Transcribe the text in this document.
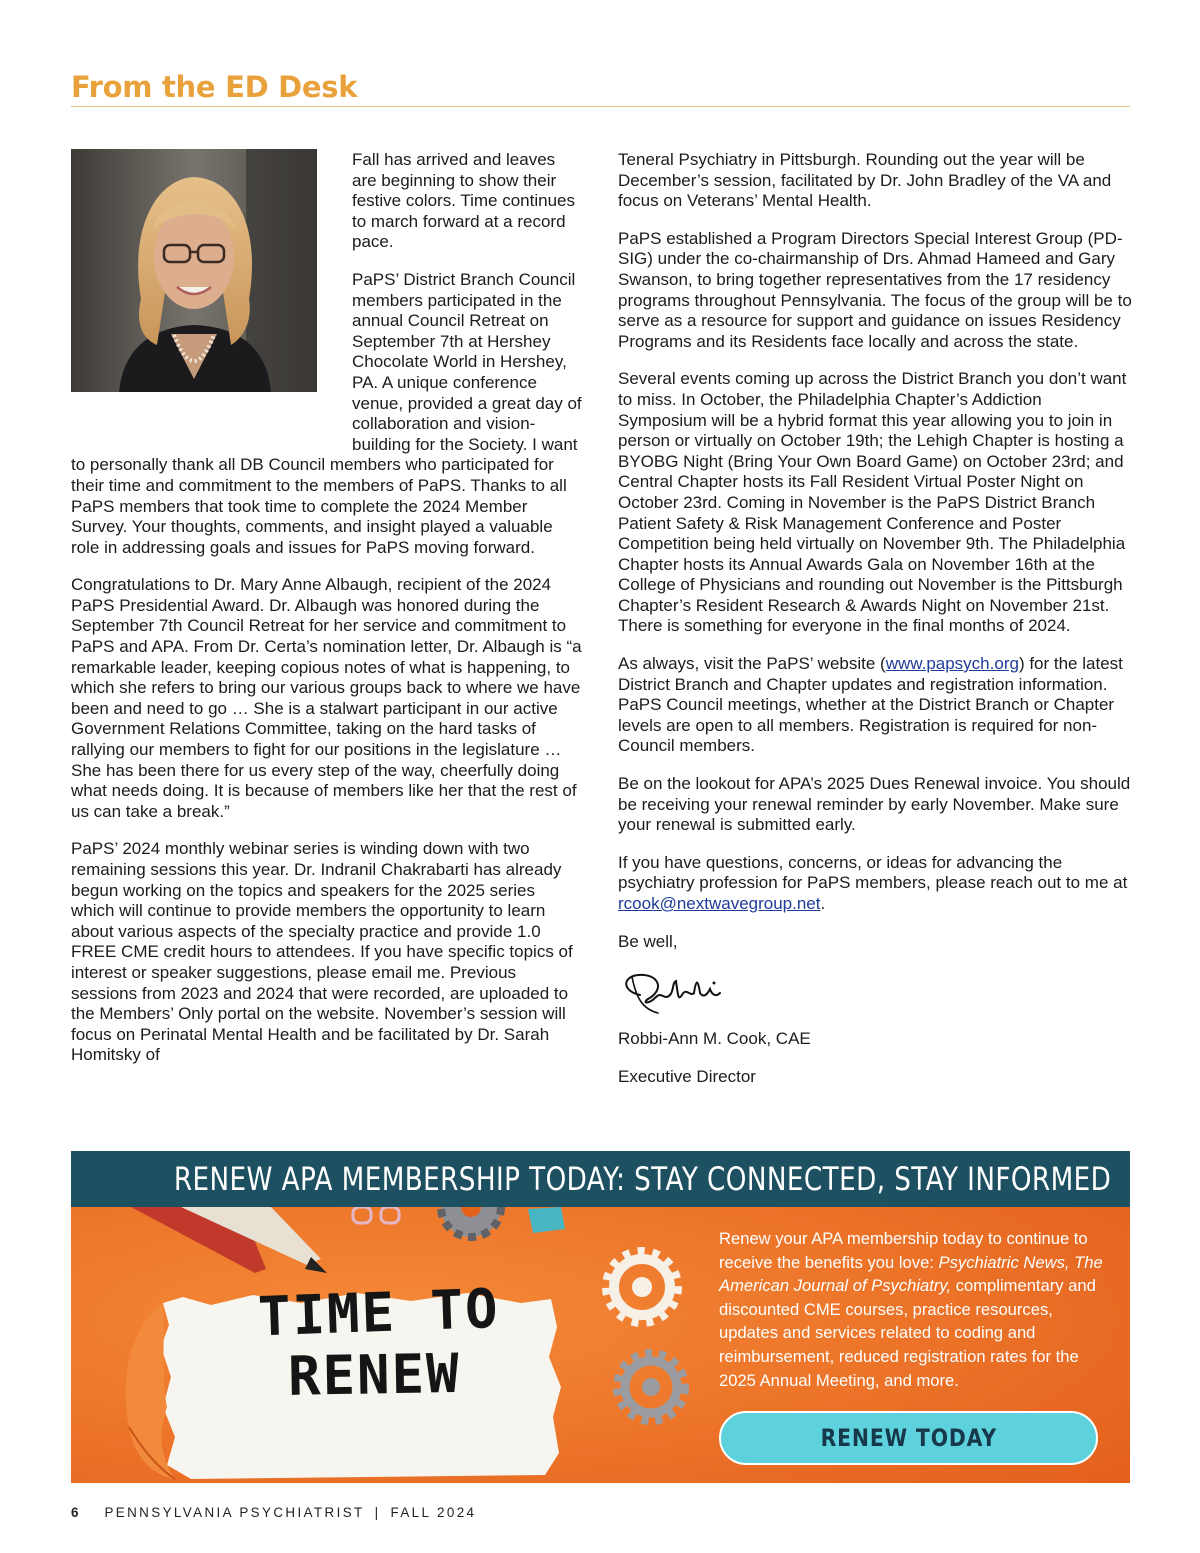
From the ED Desk

Fall has arrived and leaves are beginning to show their festive colors. Time continues to march forward at a record pace.

PaPS’ District Branch Council members participated in the annual Council Retreat on September 7th at Hershey Chocolate World in Hershey, PA. A unique conference venue, provided a great day of collaboration and vision-building for the Society. I want to personally thank all DB Council members who participated for their time and commitment to the members of PaPS. Thanks to all PaPS members that took time to complete the 2024 Member Survey. Your thoughts, comments, and insight played a valuable role in addressing goals and issues for PaPS moving forward.

Congratulations to Dr. Mary Anne Albaugh, recipient of the 2024 PaPS Presidential Award. Dr. Albaugh was honored during the September 7th Council Retreat for her service and commitment to PaPS and APA. From Dr. Certa’s nomination letter, Dr. Albaugh is “a remarkable leader, keeping copious notes of what is happening, to which she refers to bring our various groups back to where we have been and need to go … She is a stalwart participant in our active Government Relations Committee, taking on the hard tasks of rallying our members to fight for our positions in the legislature … She has been there for us every step of the way, cheerfully doing what needs doing. It is because of members like her that the rest of us can take a break.”

PaPS’ 2024 monthly webinar series is winding down with two remaining sessions this year. Dr. Indranil Chakrabarti has already begun working on the topics and speakers for the 2025 series which will continue to provide members the opportunity to learn about various aspects of the specialty practice and provide 1.0 FREE CME credit hours to attendees. If you have specific topics of interest or speaker suggestions, please email me. Previous sessions from 2023 and 2024 that were recorded, are uploaded to the Members’ Only portal on the website. November’s session will focus on Perinatal Mental Health and be facilitated by Dr. Sarah Homitsky of

Teneral Psychiatry in Pittsburgh. Rounding out the year will be December’s session, facilitated by Dr. John Bradley of the VA and focus on Veterans’ Mental Health.

PaPS established a Program Directors Special Interest Group (PD-SIG) under the co-chairmanship of Drs. Ahmad Hameed and Gary Swanson, to bring together representatives from the 17 residency programs throughout Pennsylvania. The focus of the group will be to serve as a resource for support and guidance on issues Residency Programs and its Residents face locally and across the state.

Several events coming up across the District Branch you don’t want to miss. In October, the Philadelphia Chapter’s Addiction Symposium will be a hybrid format this year allowing you to join in person or virtually on October 19th; the Lehigh Chapter is hosting a BYOBG Night (Bring Your Own Board Game) on October 23rd; and Central Chapter hosts its Fall Resident Virtual Poster Night on October 23rd. Coming in November is the PaPS District Branch Patient Safety & Risk Management Conference and Poster Competition being held virtually on November 9th. The Philadelphia Chapter hosts its Annual Awards Gala on November 16th at the College of Physicians and rounding out November is the Pittsburgh Chapter’s Resident Research & Awards Night on November 21st. There is something for everyone in the final months of 2024.

As always, visit the PaPS’ website (www.papsych.org) for the latest District Branch and Chapter updates and registration information. PaPS Council meetings, whether at the District Branch or Chapter levels are open to all members. Registration is required for non-Council members.

Be on the lookout for APA’s 2025 Dues Renewal invoice. You should be receiving your renewal reminder by early November. Make sure your renewal is submitted early.

If you have questions, concerns, or ideas for advancing the psychiatry profession for PaPS members, please reach out to me at rcook@nextwavegroup.net.

Be well,

Robbi-Ann M. Cook, CAE

Executive Director

RENEW APA MEMBERSHIP TODAY: STAY CONNECTED, STAY INFORMED
TIME TO
RENEW
Renew your APA membership today to continue to receive the benefits you love: Psychiatric News, The American Journal of Psychiatry, complimentary and discounted CME courses, practice resources, updates and services related to coding and reimbursement, reduced registration rates for the 2025 Annual Meeting, and more.
RENEW TODAY
6 PENNSYLVANIA PSYCHIATRIST | FALL 2024
